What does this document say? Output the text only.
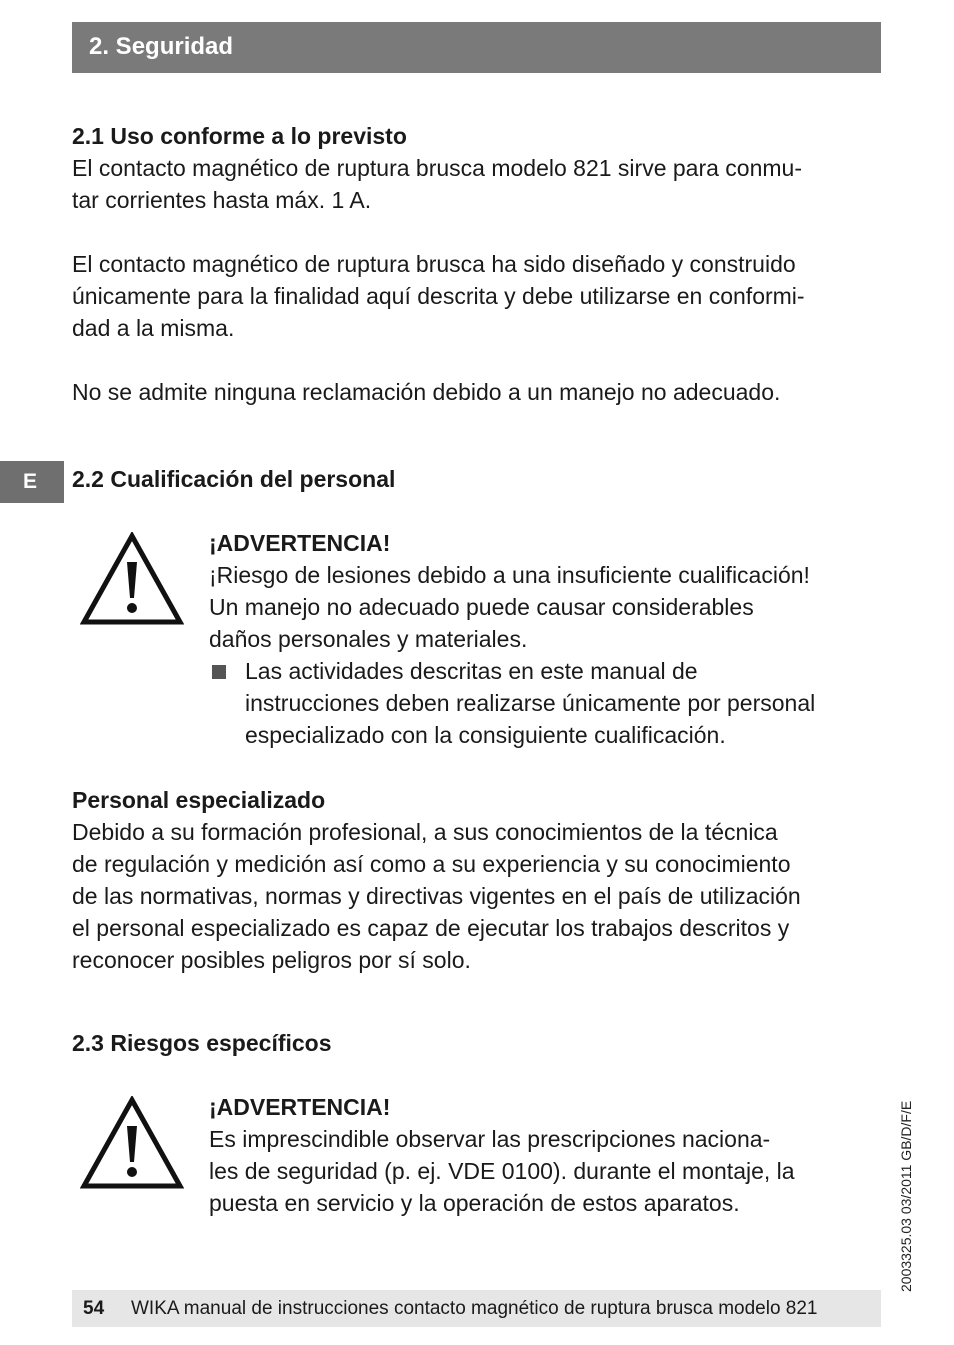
2. Seguridad
2.1 Uso conforme a lo previsto
El contacto magnético de ruptura brusca modelo 821 sirve para conmu-
tar corrientes hasta máx. 1 A.
El contacto magnético de ruptura brusca ha sido diseñado y construido
únicamente para la finalidad aquí descrita y debe utilizarse en conformi-
dad a la misma.
No se admite ninguna reclamación debido a un manejo no adecuado.
E 2.2 Cualificación del personal
¡ADVERTENCIA!
¡Riesgo de lesiones debido a una insuficiente cualificación!
Un manejo no adecuado puede causar considerables
daños personales y materiales.
Las actividades descritas en este manual de
instrucciones deben realizarse únicamente por personal
especializado con la consiguiente cualificación.
Personal especializado
Debido a su formación profesional, a sus conocimientos de la técnica
de regulación y medición así como a su experiencia y su conocimiento
de las normativas, normas y directivas vigentes en el país de utilización
el personal especializado es capaz de ejecutar los trabajos descritos y
reconocer posibles peligros por sí solo.
2.3 Riesgos específicos
¡ADVERTENCIA!
Es imprescindible observar las prescripciones naciona-
les de seguridad (p. ej. VDE 0100). durante el montaje, la
puesta en servicio y la operación de estos aparatos.	2003325.03 03/2011 GB/D/F/E
54 WIKA manual de instrucciones contacto magnético de ruptura brusca modelo 821
